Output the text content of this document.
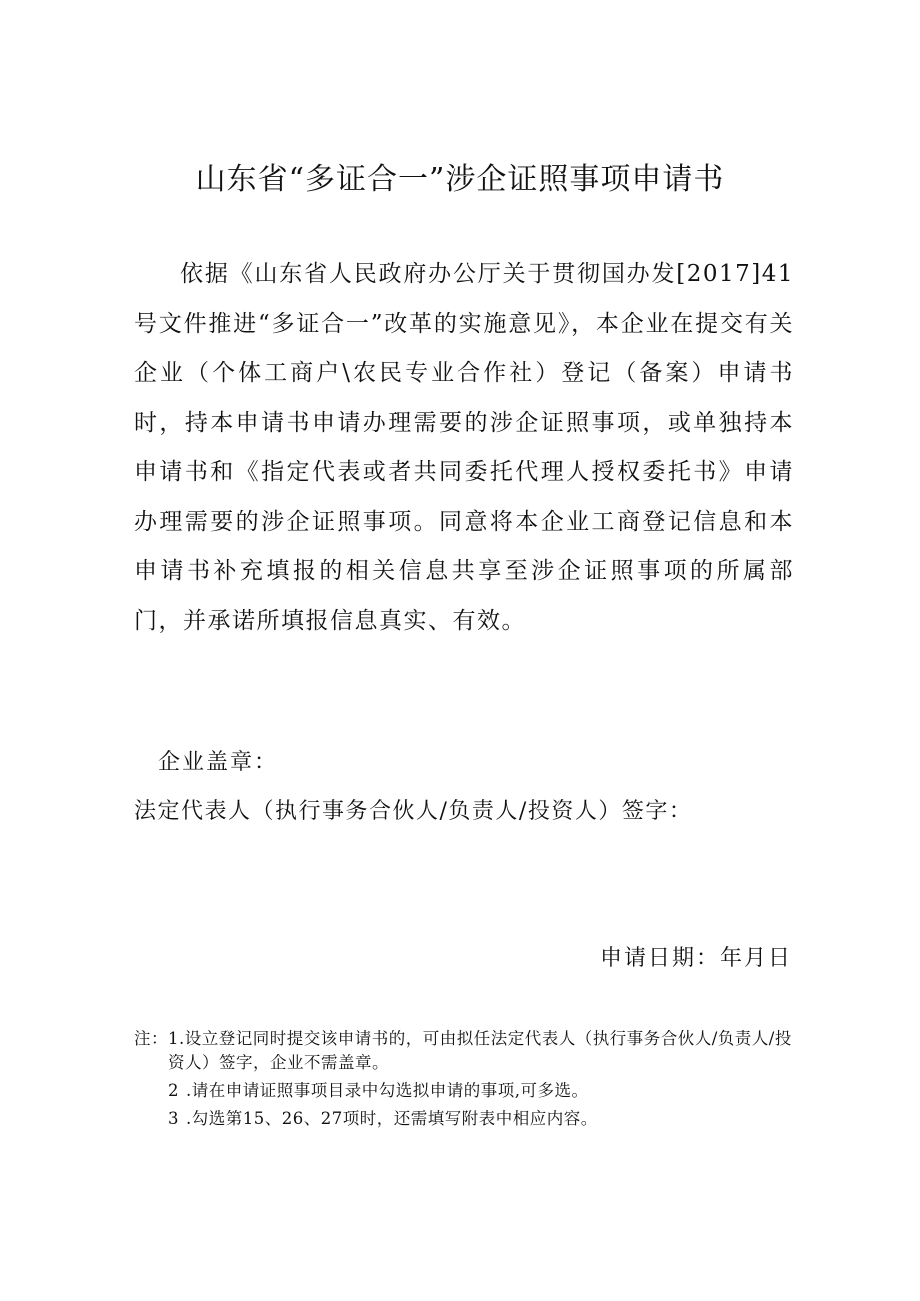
山东省“多证合一”涉企证照事项申请书
依据《山东省人民政府办公厅关于贯彻国办发[2017]41号文件推进“多证合一”改革的实施意见》，本企业在提交有关企业（个体工商户\农民专业合作社）登记（备案）申请书时，持本申请书申请办理需要的涉企证照事项，或单独持本申请书和《指定代表或者共同委托代理人授权委托书》申请办理需要的涉企证照事项。同意将本企业工商登记信息和本申请书补充填报的相关信息共享至涉企证照事项的所属部门，并承诺所填报信息真实、有效。
企业盖章：
法定代表人（执行事务合伙人/负责人/投资人）签字：
申请日期：年月日
注： 1.设立登记同时提交该申请书的，可由拟任法定代表人（执行事务合伙人/负责人/投资人）签字，企业不需盖章。
2 .请在申请证照事项目录中勾选拟申请的事项,可多选。
3 .勾选第15、26、27项时，还需填写附表中相应内容。
